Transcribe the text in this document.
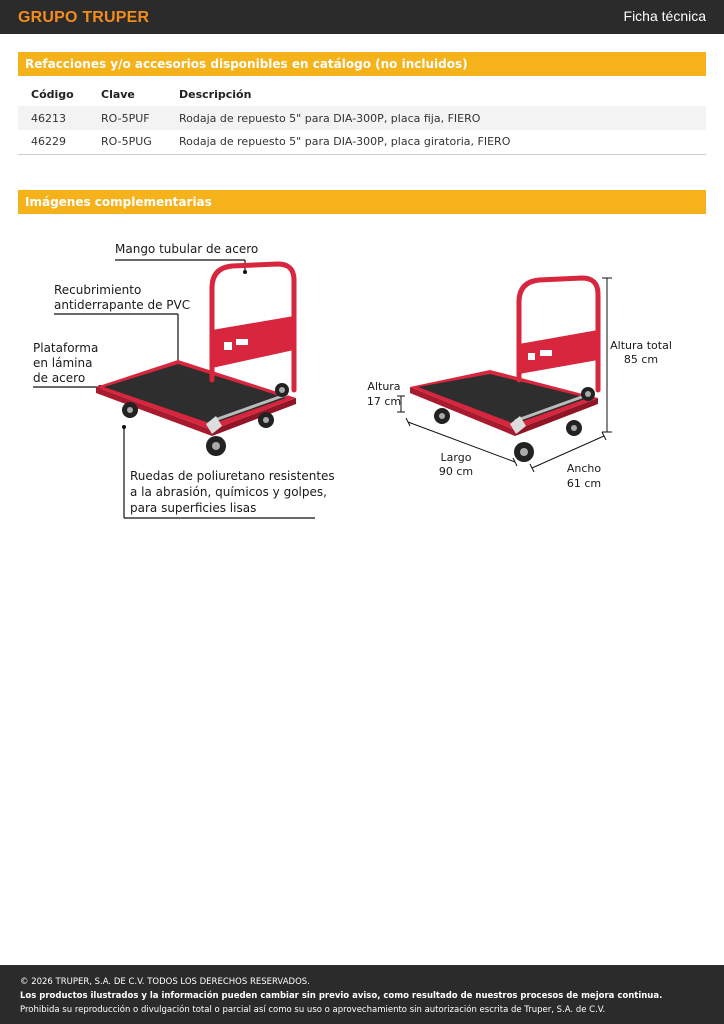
GRUPO TRUPER	Ficha técnica
Refacciones y/o accesorios disponibles en catálogo (no incluidos)
Código	Clave	Descripción
46213	RO-5PUF	Rodaja de repuesto 5" para DIA-300P, placa fija, FIERO
46229	RO-5PUG	Rodaja de repuesto 5" para DIA-300P, placa giratoria, FIERO
Imágenes complementarias
Mango tubular de acero
Recubrimiento
antiderrapante de PVC
Plataforma
en lámina
de acero
Ruedas de poliuretano resistentes
a la abrasión, químicos y golpes,
para superficies lisas
Altura total
85 cm
Altura
17 cm
Largo
90 cm	Ancho
61 cm
© 2026 TRUPER, S.A. DE C.V. TODOS LOS DERECHOS RESERVADOS.
Los productos ilustrados y la información pueden cambiar sin previo aviso, como resultado de nuestros procesos de mejora continua.
Prohibida su reproducción o divulgación total o parcial así como su uso o aprovechamiento sin autorización escrita de Truper, S.A. de C.V.
